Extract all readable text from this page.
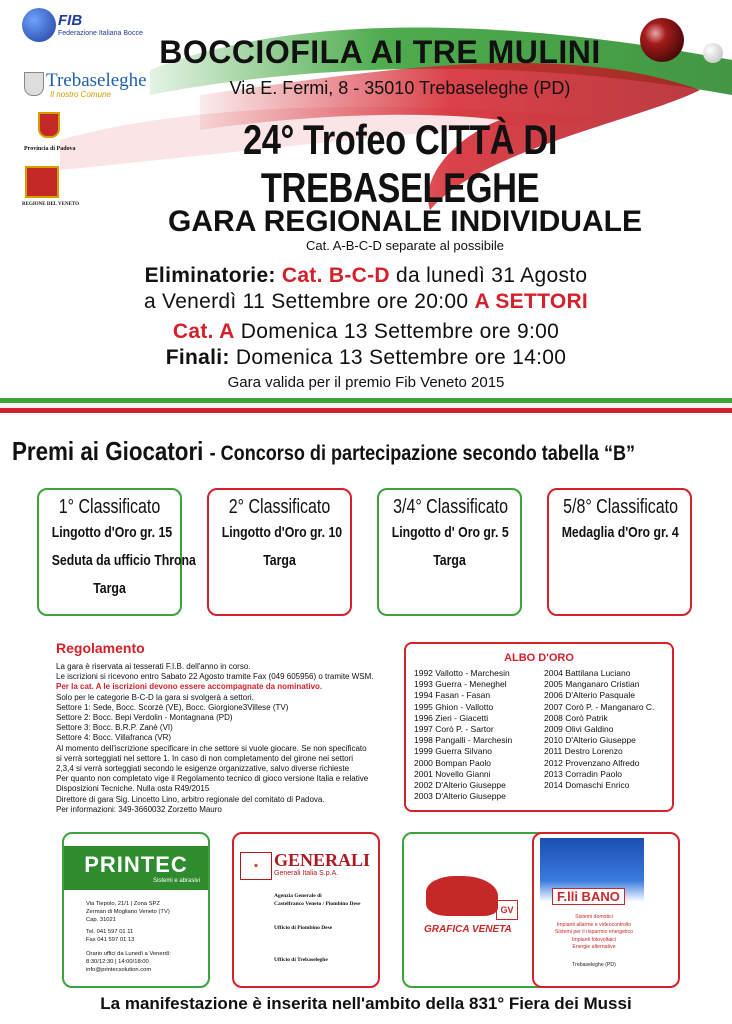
FIB
Federazione Italiana Bocce
Trebaseleghe
Il nostro Comune
Provincia di Padova
REGIONE DEL VENETO
BOCCIOFILA AI TRE MULINI
Via E. Fermi, 8 - 35010 Trebaseleghe (PD)
24° Trofeo CITTÀ DI TREBASELEGHE
GARA REGIONALE INDIVIDUALE
Cat. A-B-C-D separate al possibile
Eliminatorie: Cat. B-C-D da lunedì 31 Agosto
a Venerdì 11 Settembre ore 20:00 A SETTORI
Cat. A Domenica 13 Settembre ore 9:00
Finali: Domenica 13 Settembre ore 14:00
Gara valida per il premio Fib Veneto 2015
Premi ai Giocatori - Concorso di partecipazione secondo tabella “B”
1° Classificato
Lingotto d'Oro gr. 15
Seduta da ufficio Throna
Targa
2° Classificato
Lingotto d'Oro gr. 10
Targa
3/4° Classificato
Lingotto d' Oro gr. 5
Targa
5/8° Classificato
Medaglia d'Oro gr. 4
Regolamento
La gara è riservata ai tesserati F.I.B. dell'anno in corso.
Le iscrizioni si ricevono entro Sabato 22 Agosto tramite Fax (049 605956) o tramite WSM.
Per la cat. A le iscrizioni devono essere accompagnate da nominativo.
Solo per le categorie B-C-D la gara si svolgerà a settori.
Settore 1: Sede, Bocc. Scorzè (VE), Bocc. Giorgione3Villese (TV)
Settore 2: Bocc. Bepi Verdolin - Montagnana (PD)
Settore 3: Bocc. B.R.P. Zanè (VI)
Settore 4: Bocc. Villafranca (VR)
Al momento dell'iscrizione specificare in che settore si vuole giocare. Se non specificato
si verrà sorteggiati nel settore 1. In caso di non completamento del girone nei settori
2,3,4 si verrà sorteggiati secondo le esigenze organizzative, salvo diverse richieste
Per quanto non completato vige il Regolamento tecnico di gioco versione Italia e relative
Disposizioni Tecniche. Nulla osta R49/2015
Direttore di gara Sig. Lincetto Lino, arbitro regionale del comitato di Padova.
Per informazioni: 349-3660032 Zorzetto Mauro
ALBO D'ORO
1992 Vallotto - Marchesin
1993 Guerra - Meneghel
1994 Fasan - Fasan
1995 Ghion - Vallotto
1996 Zieri - Giacetti
1997 Corò P. - Sartor
1998 Pangalli - Marchesin
1999 Guerra Silvano
2000 Bompan Paolo
2001 Novello Gianni
2002 D'Alterio Giuseppe
2003 D'Alterio Giuseppe
2004 Battilana Luciano
2005 Manganaro Cristian
2006 D'Alterio Pasquale
2007 Corò P. - Manganaro C.
2008 Corò Patrik
2009 Olivi Galdino
2010 D'Alterio Giuseppe
2011 Destro Lorenzo
2012 Provenzano Alfredo
2013 Corradin Paolo
2014 Domaschi Enrico
PRINTEC
Sistemi e abrasivi
Via Tiepolo, 21/1 | Zona SPZ
Zerman di Mogliano Veneto (TV)
Cap. 31021
Tel. 041 597 01 11
Fax 041 597 01 13
Orario uffici da Lunedì a Venerdì:
8:30/12:30 | 14:00/18:00
info@printecsolution.com
♚ GENERALI
Generali Italia S.p.A.
Agenzia Generale di
Castelfranco Veneto / Piombino Dese
Ufficio di Piombino Dese
Ufficio di Trebaseleghe
GV
GRAFICA VENETA
F.lli BANO
Sistemi domotici
Impianti allarme e videocontrollo
Sistemi per il risparmio energetico
Impianti fotovoltaici
Energie alternative
Trebaseleghe (PD)
La manifestazione è inserita nell'ambito della 831° Fiera dei Mussi
